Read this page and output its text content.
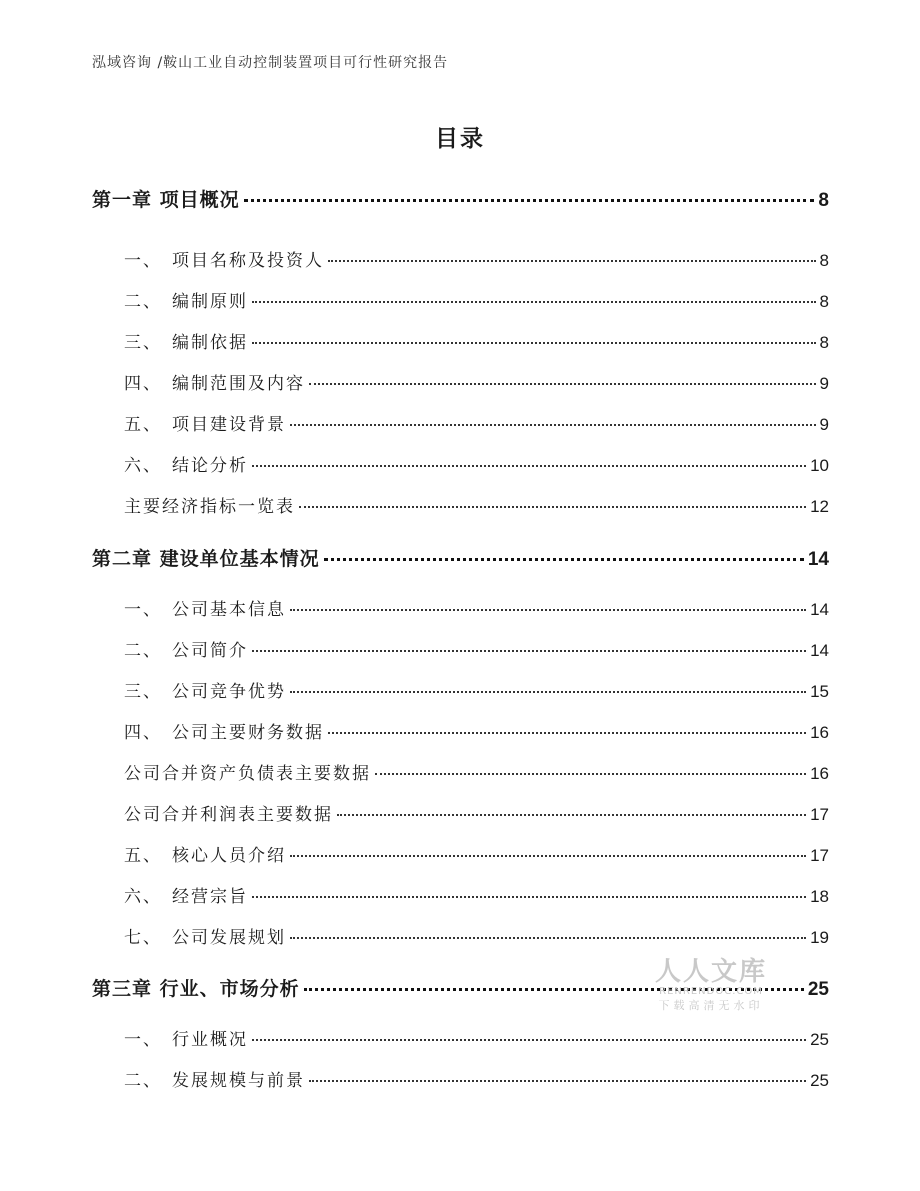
泓域咨询 /鞍山工业自动控制装置项目可行性研究报告
目录
第一章 项目概况	8
一、 项目名称及投资人	8
二、 编制原则	8
三、 编制依据	8
四、 编制范围及内容	9
五、 项目建设背景	9
六、 结论分析	10
主要经济指标一览表	12
第二章 建设单位基本情况	14
一、 公司基本信息	14
二、 公司简介	14
三、 公司竞争优势	15
四、 公司主要财务数据	16
公司合并资产负债表主要数据	16
公司合并利润表主要数据	17
五、 核心人员介绍	17
六、 经营宗旨	18
七、 公司发展规划	19
第三章 行业、市场分析	25
一、 行业概况	25
二、 发展规模与前景	25
人人文库
RENRENDOC.COM
下载高清无水印
